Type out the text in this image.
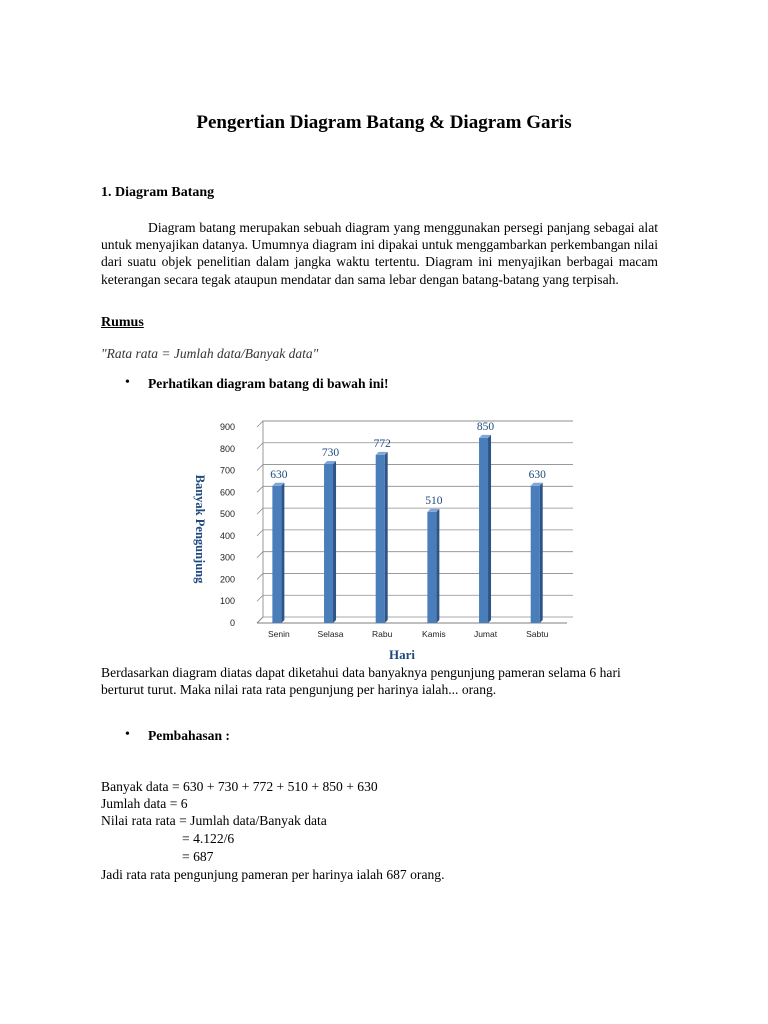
Pengertian Diagram Batang & Diagram Garis
1. Diagram Batang
Diagram batang merupakan sebuah diagram yang menggunakan persegi panjang sebagai alat untuk menyajikan datanya. Umumnya diagram ini dipakai untuk menggambarkan perkembangan nilai dari suatu objek penelitian dalam jangka waktu tertentu. Diagram ini menyajikan berbagai macam keterangan secara tegak ataupun mendatar dan sama lebar dengan batang-batang yang terpisah.
Rumus
"Rata rata = Jumlah data/Banyak data"
• Perhatikan diagram batang di bawah ini!
0
100
200
300
400
500
600
700
800
900
630
Senin
730
Selasa
772
Rabu
510
Kamis
850
Jumat
630
Sabtu
Hari
Banyak Pengunjung
Berdasarkan diagram diatas dapat diketahui data banyaknya pengunjung pameran selama 6 hari
berturut turut. Maka nilai rata rata pengunjung per harinya ialah... orang.
• Pembahasan :
Banyak data = 630 + 730 + 772 + 510 + 850 + 630
Jumlah data = 6
Nilai rata rata = Jumlah data/Banyak data
= 4.122/6
= 687
Jadi rata rata pengunjung pameran per harinya ialah 687 orang.
